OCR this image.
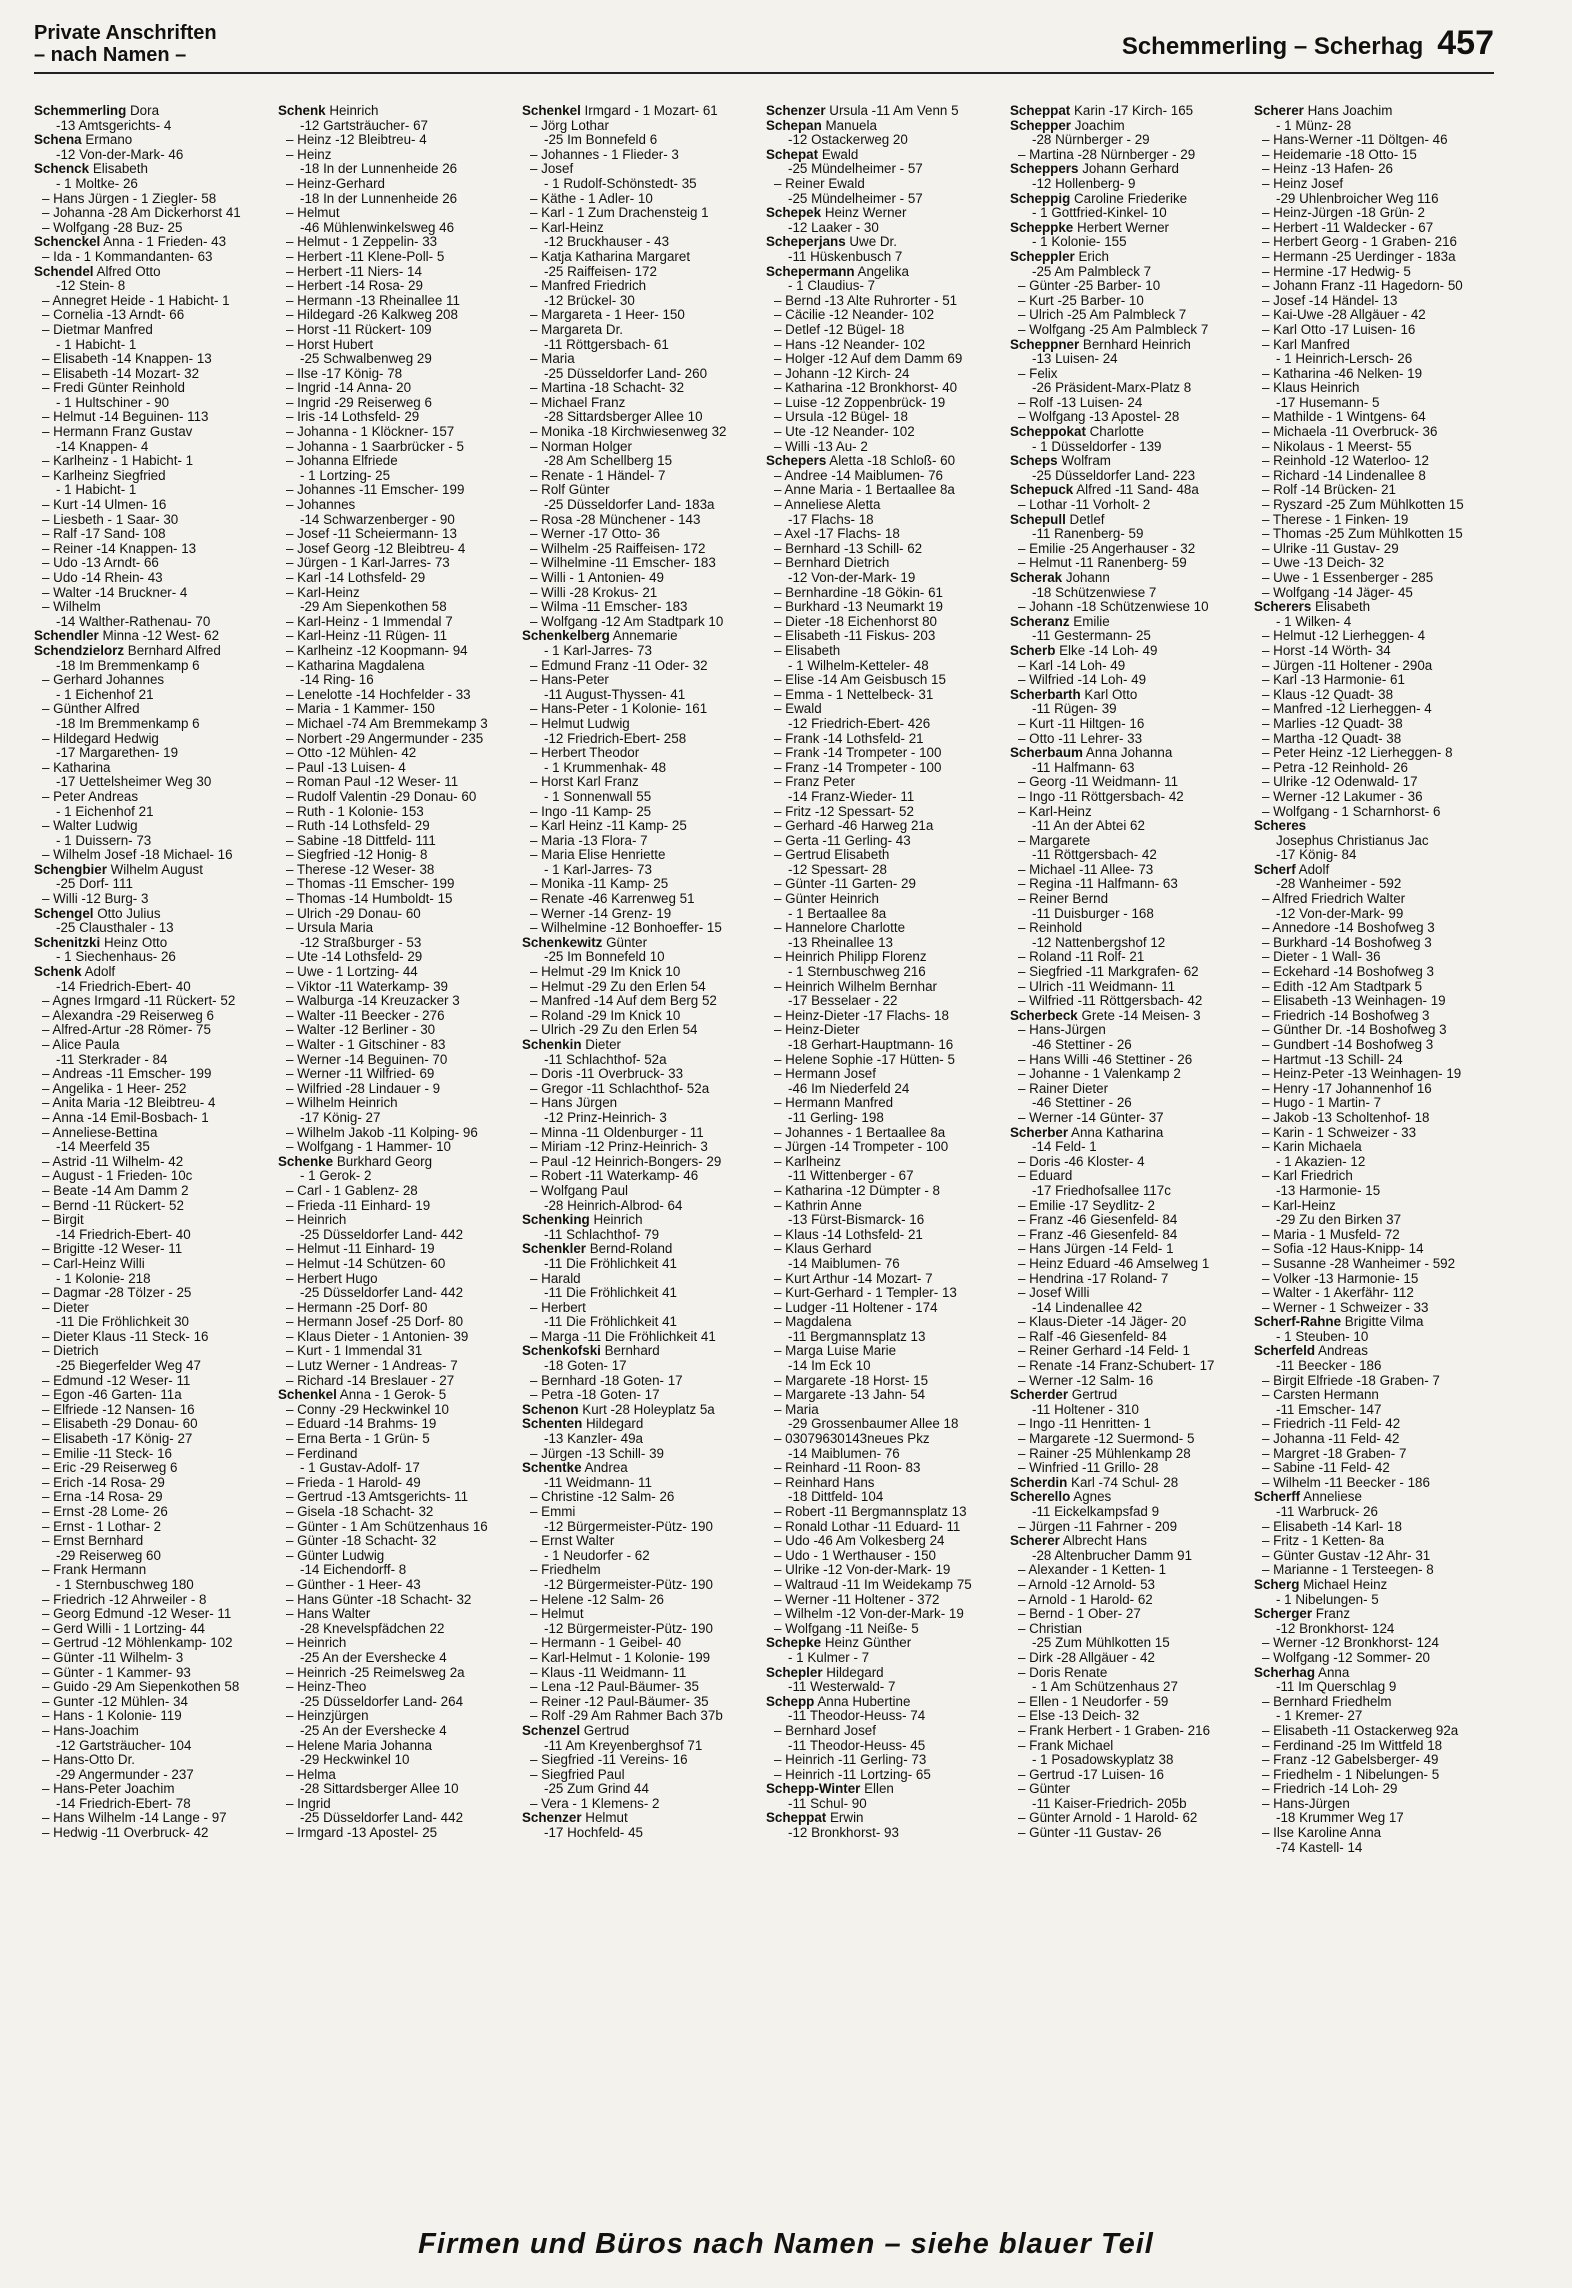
Private Anschriften
– nach Namen –	Schemmerling – Scherhag 457
Schemmerling Dora
-13 Amtsgerichts- 4
Schena Ermano
-12 Von-der-Mark- 46
Schenck Elisabeth
- 1 Moltke- 26
– Hans Jürgen - 1 Ziegler- 58
– Johanna -28 Am Dickerhorst 41
– Wolfgang -28 Buz- 25
Schenckel Anna - 1 Frieden- 43
– Ida - 1 Kommandanten- 63
Schendel Alfred Otto
-12 Stein- 8
– Annegret Heide - 1 Habicht- 1
– Cornelia -13 Arndt- 66
– Dietmar Manfred
- 1 Habicht- 1
– Elisabeth -14 Knappen- 13
– Elisabeth -14 Mozart- 32
– Fredi Günter Reinhold
- 1 Hultschiner - 90
– Helmut -14 Beguinen- 113
– Hermann Franz Gustav
-14 Knappen- 4
– Karlheinz - 1 Habicht- 1
– Karlheinz Siegfried
- 1 Habicht- 1
– Kurt -14 Ulmen- 16
– Liesbeth - 1 Saar- 30
– Ralf -17 Sand- 108
– Reiner -14 Knappen- 13
– Udo -13 Arndt- 66
– Udo -14 Rhein- 43
– Walter -14 Bruckner- 4
– Wilhelm
-14 Walther-Rathenau- 70
Schendler Minna -12 West- 62
Schendzielorz Bernhard Alfred
-18 Im Bremmenkamp 6
– Gerhard Johannes
- 1 Eichenhof 21
– Günther Alfred
-18 Im Bremmenkamp 6
– Hildegard Hedwig
-17 Margarethen- 19
– Katharina
-17 Uettelsheimer Weg 30
– Peter Andreas
- 1 Eichenhof 21
– Walter Ludwig
- 1 Duissern- 73
– Wilhelm Josef -18 Michael- 16
Schengbier Wilhelm August
-25 Dorf- 111
– Willi -12 Burg- 3
Schengel Otto Julius
-25 Clausthaler - 13
Schenitzki Heinz Otto
- 1 Siechenhaus- 26
Schenk Adolf
-14 Friedrich-Ebert- 40
– Agnes Irmgard -11 Rückert- 52
– Alexandra -29 Reiserweg 6
– Alfred-Artur -28 Römer- 75
– Alice Paula
-11 Sterkrader - 84
– Andreas -11 Emscher- 199
– Angelika - 1 Heer- 252
– Anita Maria -12 Bleibtreu- 4
– Anna -14 Emil-Bosbach- 1
– Anneliese-Bettina
-14 Meerfeld 35
– Astrid -11 Wilhelm- 42
– August - 1 Frieden- 10c
– Beate -14 Am Damm 2
– Bernd -11 Rückert- 52
– Birgit
-14 Friedrich-Ebert- 40
– Brigitte -12 Weser- 11
– Carl-Heinz Willi
- 1 Kolonie- 218
– Dagmar -28 Tölzer - 25
– Dieter
-11 Die Fröhlichkeit 30
– Dieter Klaus -11 Steck- 16
– Dietrich
-25 Biegerfelder Weg 47
– Edmund -12 Weser- 11
– Egon -46 Garten- 11a
– Elfriede -12 Nansen- 16
– Elisabeth -29 Donau- 60
– Elisabeth -17 König- 27
– Emilie -11 Steck- 16
– Eric -29 Reiserweg 6
– Erich -14 Rosa- 29
– Erna -14 Rosa- 29
– Ernst -28 Lome- 26
– Ernst - 1 Lothar- 2
– Ernst Bernhard
-29 Reiserweg 60
– Frank Hermann
- 1 Sternbuschweg 180
– Friedrich -12 Ahrweiler - 8
– Georg Edmund -12 Weser- 11
– Gerd Willi - 1 Lortzing- 44
– Gertrud -12 Möhlenkamp- 102
– Günter -11 Wilhelm- 3
– Günter - 1 Kammer- 93
– Guido -29 Am Siepenkothen 58
– Gunter -12 Mühlen- 34
– Hans - 1 Kolonie- 119
– Hans-Joachim
-12 Gartsträucher- 104
– Hans-Otto Dr.
-29 Angermunder - 237
– Hans-Peter Joachim
-14 Friedrich-Ebert- 78
– Hans Wilhelm -14 Lange - 97
– Hedwig -11 Overbruck- 42
Schenk Heinrich
-12 Gartsträucher- 67
– Heinz -12 Bleibtreu- 4
– Heinz
-18 In der Lunnenheide 26
– Heinz-Gerhard
-18 In der Lunnenheide 26
– Helmut
-46 Mühlenwinkelsweg 46
– Helmut - 1 Zeppelin- 33
– Herbert -11 Klene-Poll- 5
– Herbert -11 Niers- 14
– Herbert -14 Rosa- 29
– Hermann -13 Rheinallee 11
– Hildegard -26 Kalkweg 208
– Horst -11 Rückert- 109
– Horst Hubert
-25 Schwalbenweg 29
– Ilse -17 König- 78
– Ingrid -14 Anna- 20
– Ingrid -29 Reiserweg 6
– Iris -14 Lothsfeld- 29
– Johanna - 1 Klöckner- 157
– Johanna - 1 Saarbrücker - 5
– Johanna Elfriede
- 1 Lortzing- 25
– Johannes -11 Emscher- 199
– Johannes
-14 Schwarzenberger - 90
– Josef -11 Scheiermann- 13
– Josef Georg -12 Bleibtreu- 4
– Jürgen - 1 Karl-Jarres- 73
– Karl -14 Lothsfeld- 29
– Karl-Heinz
-29 Am Siepenkothen 58
– Karl-Heinz - 1 Immendal 7
– Karl-Heinz -11 Rügen- 11
– Karlheinz -12 Koopmann- 94
– Katharina Magdalena
-14 Ring- 16
– Lenelotte -14 Hochfelder - 33
– Maria - 1 Kammer- 150
– Michael -74 Am Bremmekamp 3
– Norbert -29 Angermunder - 235
– Otto -12 Mühlen- 42
– Paul -13 Luisen- 4
– Roman Paul -12 Weser- 11
– Rudolf Valentin -29 Donau- 60
– Ruth - 1 Kolonie- 153
– Ruth -14 Lothsfeld- 29
– Sabine -18 Dittfeld- 111
– Siegfried -12 Honig- 8
– Therese -12 Weser- 38
– Thomas -11 Emscher- 199
– Thomas -14 Humboldt- 15
– Ulrich -29 Donau- 60
– Ursula Maria
-12 Straßburger - 53
– Ute -14 Lothsfeld- 29
– Uwe - 1 Lortzing- 44
– Viktor -11 Waterkamp- 39
– Walburga -14 Kreuzacker 3
– Walter -11 Beecker - 276
– Walter -12 Berliner - 30
– Walter - 1 Gitschiner - 83
– Werner -14 Beguinen- 70
– Werner -11 Wilfried- 69
– Wilfried -28 Lindauer - 9
– Wilhelm Heinrich
-17 König- 27
– Wilhelm Jakob -11 Kolping- 96
– Wolfgang - 1 Hammer- 10
Schenke Burkhard Georg
- 1 Gerok- 2
– Carl - 1 Gablenz- 28
– Frieda -11 Einhard- 19
– Heinrich
-25 Düsseldorfer Land- 442
– Helmut -11 Einhard- 19
– Helmut -14 Schützen- 60
– Herbert Hugo
-25 Düsseldorfer Land- 442
– Hermann -25 Dorf- 80
– Hermann Josef -25 Dorf- 80
– Klaus Dieter - 1 Antonien- 39
– Kurt - 1 Immendal 31
– Lutz Werner - 1 Andreas- 7
– Richard -14 Breslauer - 27
Schenkel Anna - 1 Gerok- 5
– Conny -29 Heckwinkel 10
– Eduard -14 Brahms- 19
– Erna Berta - 1 Grün- 5
– Ferdinand
- 1 Gustav-Adolf- 17
– Frieda - 1 Harold- 49
– Gertrud -13 Amtsgerichts- 11
– Gisela -18 Schacht- 32
– Günter - 1 Am Schützenhaus 16
– Günter -18 Schacht- 32
– Günter Ludwig
-14 Eichendorff- 8
– Günther - 1 Heer- 43
– Hans Günter -18 Schacht- 32
– Hans Walter
-28 Knevelspfädchen 22
– Heinrich
-25 An der Evershecke 4
– Heinrich -25 Reimelsweg 2a
– Heinz-Theo
-25 Düsseldorfer Land- 264
– Heinzjürgen
-25 An der Evershecke 4
– Helene Maria Johanna
-29 Heckwinkel 10
– Helma
-28 Sittardsberger Allee 10
– Ingrid
-25 Düsseldorfer Land- 442
– Irmgard -13 Apostel- 25
Schenkel Irmgard - 1 Mozart- 61
– Jörg Lothar
-25 Im Bonnefeld 6
– Johannes - 1 Flieder- 3
– Josef
- 1 Rudolf-Schönstedt- 35
– Käthe - 1 Adler- 10
– Karl - 1 Zum Drachensteig 1
– Karl-Heinz
-12 Bruckhauser - 43
– Katja Katharina Margaret
-25 Raiffeisen- 172
– Manfred Friedrich
-12 Brückel- 30
– Margareta - 1 Heer- 150
– Margareta Dr.
-11 Röttgersbach- 61
– Maria
-25 Düsseldorfer Land- 260
– Martina -18 Schacht- 32
– Michael Franz
-28 Sittardsberger Allee 10
– Monika -18 Kirchwiesenweg 32
– Norman Holger
-28 Am Schellberg 15
– Renate - 1 Händel- 7
– Rolf Günter
-25 Düsseldorfer Land- 183a
– Rosa -28 Münchener - 143
– Werner -17 Otto- 36
– Wilhelm -25 Raiffeisen- 172
– Wilhelmine -11 Emscher- 183
– Willi - 1 Antonien- 49
– Willi -28 Krokus- 21
– Wilma -11 Emscher- 183
– Wolfgang -12 Am Stadtpark 10
Schenkelberg Annemarie
- 1 Karl-Jarres- 73
– Edmund Franz -11 Oder- 32
– Hans-Peter
-11 August-Thyssen- 41
– Hans-Peter - 1 Kolonie- 161
– Helmut Ludwig
-12 Friedrich-Ebert- 258
– Herbert Theodor
- 1 Krummenhak- 48
– Horst Karl Franz
- 1 Sonnenwall 55
– Ingo -11 Kamp- 25
– Karl Heinz -11 Kamp- 25
– Maria -13 Flora- 7
– Maria Elise Henriette
- 1 Karl-Jarres- 73
– Monika -11 Kamp- 25
– Renate -46 Karrenweg 51
– Werner -14 Grenz- 19
– Wilhelmine -12 Bonhoeffer- 15
Schenkewitz Günter
-25 Im Bonnefeld 10
– Helmut -29 Im Knick 10
– Helmut -29 Zu den Erlen 54
– Manfred -14 Auf dem Berg 52
– Roland -29 Im Knick 10
– Ulrich -29 Zu den Erlen 54
Schenkin Dieter
-11 Schlachthof- 52a
– Doris -11 Overbruck- 33
– Gregor -11 Schlachthof- 52a
– Hans Jürgen
-12 Prinz-Heinrich- 3
– Minna -11 Oldenburger - 11
– Miriam -12 Prinz-Heinrich- 3
– Paul -12 Heinrich-Bongers- 29
– Robert -11 Waterkamp- 46
– Wolfgang Paul
-28 Heinrich-Albrod- 64
Schenking Heinrich
-11 Schlachthof- 79
Schenkler Bernd-Roland
-11 Die Fröhlichkeit 41
– Harald
-11 Die Fröhlichkeit 41
– Herbert
-11 Die Fröhlichkeit 41
– Marga -11 Die Fröhlichkeit 41
Schenkofski Bernhard
-18 Goten- 17
– Bernhard -18 Goten- 17
– Petra -18 Goten- 17
Schenon Kurt -28 Holeyplatz 5a
Schenten Hildegard
-13 Kanzler- 49a
– Jürgen -13 Schill- 39
Schentke Andrea
-11 Weidmann- 11
– Christine -12 Salm- 26
– Emmi
-12 Bürgermeister-Pütz- 190
– Ernst Walter
- 1 Neudorfer - 62
– Friedhelm
-12 Bürgermeister-Pütz- 190
– Helene -12 Salm- 26
– Helmut
-12 Bürgermeister-Pütz- 190
– Hermann - 1 Geibel- 40
– Karl-Helmut - 1 Kolonie- 199
– Klaus -11 Weidmann- 11
– Lena -12 Paul-Bäumer- 35
– Reiner -12 Paul-Bäumer- 35
– Rolf -29 Am Rahmer Bach 37b
Schenzel Gertrud
-11 Am Kreyenberghsof 71
– Siegfried -11 Vereins- 16
– Siegfried Paul
-25 Zum Grind 44
– Vera - 1 Klemens- 2
Schenzer Helmut
-17 Hochfeld- 45
Schenzer Ursula -11 Am Venn 5
Schepan Manuela
-12 Ostackerweg 20
Schepat Ewald
-25 Mündelheimer - 57
– Reiner Ewald
-25 Mündelheimer - 57
Schepek Heinz Werner
-12 Laaker - 30
Scheperjans Uwe Dr.
-11 Hüskenbusch 7
Schepermann Angelika
- 1 Claudius- 7
– Bernd -13 Alte Ruhrorter - 51
– Cäcilie -12 Neander- 102
– Detlef -12 Bügel- 18
– Hans -12 Neander- 102
– Holger -12 Auf dem Damm 69
– Johann -12 Kirch- 24
– Katharina -12 Bronkhorst- 40
– Luise -12 Zoppenbrück- 19
– Ursula -12 Bügel- 18
– Ute -12 Neander- 102
– Willi -13 Au- 2
Schepers Aletta -18 Schloß- 60
– Andree -14 Maiblumen- 76
– Anne Maria - 1 Bertaallee 8a
– Anneliese Aletta
-17 Flachs- 18
– Axel -17 Flachs- 18
– Bernhard -13 Schill- 62
– Bernhard Dietrich
-12 Von-der-Mark- 19
– Bernhardine -18 Gökin- 61
– Burkhard -13 Neumarkt 19
– Dieter -18 Eichenhorst 80
– Elisabeth -11 Fiskus- 203
– Elisabeth
- 1 Wilhelm-Ketteler- 48
– Elise -14 Am Geisbusch 15
– Emma - 1 Nettelbeck- 31
– Ewald
-12 Friedrich-Ebert- 426
– Frank -14 Lothsfeld- 21
– Frank -14 Trompeter - 100
– Franz -14 Trompeter - 100
– Franz Peter
-14 Franz-Wieder- 11
– Fritz -12 Spessart- 52
– Gerhard -46 Harweg 21a
– Gerta -11 Gerling- 43
– Gertrud Elisabeth
-12 Spessart- 28
– Günter -11 Garten- 29
– Günter Heinrich
- 1 Bertaallee 8a
– Hannelore Charlotte
-13 Rheinallee 13
– Heinrich Philipp Florenz
- 1 Sternbuschweg 216
– Heinrich Wilhelm Bernhar
-17 Besselaer - 22
– Heinz-Dieter -17 Flachs- 18
– Heinz-Dieter
-18 Gerhart-Hauptmann- 16
– Helene Sophie -17 Hütten- 5
– Hermann Josef
-46 Im Niederfeld 24
– Hermann Manfred
-11 Gerling- 198
– Johannes - 1 Bertaallee 8a
– Jürgen -14 Trompeter - 100
– Karlheinz
-11 Wittenberger - 67
– Katharina -12 Dümpter - 8
– Kathrin Anne
-13 Fürst-Bismarck- 16
– Klaus -14 Lothsfeld- 21
– Klaus Gerhard
-14 Maiblumen- 76
– Kurt Arthur -14 Mozart- 7
– Kurt-Gerhard - 1 Templer- 13
– Ludger -11 Holtener - 174
– Magdalena
-11 Bergmannsplatz 13
– Marga Luise Marie
-14 Im Eck 10
– Margarete -18 Horst- 15
– Margarete -13 Jahn- 54
– Maria
-29 Grossenbaumer Allee 18
– 03079630143neues Pkz
-14 Maiblumen- 76
– Reinhard -11 Roon- 83
– Reinhard Hans
-18 Dittfeld- 104
– Robert -11 Bergmannsplatz 13
– Ronald Lothar -11 Eduard- 11
– Udo -46 Am Volkesberg 24
– Udo - 1 Werthauser - 150
– Ulrike -12 Von-der-Mark- 19
– Waltraud -11 Im Weidekamp 75
– Werner -11 Holtener - 372
– Wilhelm -12 Von-der-Mark- 19
– Wolfgang -11 Neiße- 5
Schepke Heinz Günther
- 1 Kulmer - 7
Schepler Hildegard
-11 Westerwald- 7
Schepp Anna Hubertine
-11 Theodor-Heuss- 74
– Bernhard Josef
-11 Theodor-Heuss- 45
– Heinrich -11 Gerling- 73
– Heinrich -11 Lortzing- 65
Schepp-Winter Ellen
-11 Schul- 90
Scheppat Erwin
-12 Bronkhorst- 93
Scheppat Karin -17 Kirch- 165
Schepper Joachim
-28 Nürnberger - 29
– Martina -28 Nürnberger - 29
Scheppers Johann Gerhard
-12 Hollenberg- 9
Scheppig Caroline Friederike
- 1 Gottfried-Kinkel- 10
Scheppke Herbert Werner
- 1 Kolonie- 155
Scheppler Erich
-25 Am Palmbleck 7
– Günter -25 Barber- 10
– Kurt -25 Barber- 10
– Ulrich -25 Am Palmbleck 7
– Wolfgang -25 Am Palmbleck 7
Scheppner Bernhard Heinrich
-13 Luisen- 24
– Felix
-26 Präsident-Marx-Platz 8
– Rolf -13 Luisen- 24
– Wolfgang -13 Apostel- 28
Scheppokat Charlotte
- 1 Düsseldorfer - 139
Scheps Wolfram
-25 Düsseldorfer Land- 223
Schepuck Alfred -11 Sand- 48a
– Lothar -11 Vorholt- 2
Schepull Detlef
-11 Ranenberg- 59
– Emilie -25 Angerhauser - 32
– Helmut -11 Ranenberg- 59
Scherak Johann
-18 Schützenwiese 7
– Johann -18 Schützenwiese 10
Scheranz Emilie
-11 Gestermann- 25
Scherb Elke -14 Loh- 49
– Karl -14 Loh- 49
– Wilfried -14 Loh- 49
Scherbarth Karl Otto
-11 Rügen- 39
– Kurt -11 Hiltgen- 16
– Otto -11 Lehrer- 33
Scherbaum Anna Johanna
-11 Halfmann- 63
– Georg -11 Weidmann- 11
– Ingo -11 Röttgersbach- 42
– Karl-Heinz
-11 An der Abtei 62
– Margarete
-11 Röttgersbach- 42
– Michael -11 Allee- 73
– Regina -11 Halfmann- 63
– Reiner Bernd
-11 Duisburger - 168
– Reinhold
-12 Nattenbergshof 12
– Roland -11 Rolf- 21
– Siegfried -11 Markgrafen- 62
– Ulrich -11 Weidmann- 11
– Wilfried -11 Röttgersbach- 42
Scherbeck Grete -14 Meisen- 3
– Hans-Jürgen
-46 Stettiner - 26
– Hans Willi -46 Stettiner - 26
– Johanne - 1 Valenkamp 2
– Rainer Dieter
-46 Stettiner - 26
– Werner -14 Günter- 37
Scherber Anna Katharina
-14 Feld- 1
– Doris -46 Kloster- 4
– Eduard
-17 Friedhofsallee 117c
– Emilie -17 Seydlitz- 2
– Franz -46 Giesenfeld- 84
– Franz -46 Giesenfeld- 84
– Hans Jürgen -14 Feld- 1
– Heinz Eduard -46 Amselweg 1
– Hendrina -17 Roland- 7
– Josef Willi
-14 Lindenallee 42
– Klaus-Dieter -14 Jäger- 20
– Ralf -46 Giesenfeld- 84
– Reiner Gerhard -14 Feld- 1
– Renate -14 Franz-Schubert- 17
– Werner -12 Salm- 16
Scherder Gertrud
-11 Holtener - 310
– Ingo -11 Henritten- 1
– Margarete -12 Suermond- 5
– Rainer -25 Mühlenkamp 28
– Winfried -11 Grillo- 28
Scherdin Karl -74 Schul- 28
Scherello Agnes
-11 Eickelkampsfad 9
– Jürgen -11 Fahrner - 209
Scherer Albrecht Hans
-28 Altenbrucher Damm 91
– Alexander - 1 Ketten- 1
– Arnold -12 Arnold- 53
– Arnold - 1 Harold- 62
– Bernd - 1 Ober- 27
– Christian
-25 Zum Mühlkotten 15
– Dirk -28 Allgäuer - 42
– Doris Renate
- 1 Am Schützenhaus 27
– Ellen - 1 Neudorfer - 59
– Else -13 Deich- 32
– Frank Herbert - 1 Graben- 216
– Frank Michael
- 1 Posadowskyplatz 38
– Gertrud -17 Luisen- 16
– Günter
-11 Kaiser-Friedrich- 205b
– Günter Arnold - 1 Harold- 62
– Günter -11 Gustav- 26
Scherer Hans Joachim
- 1 Münz- 28
– Hans-Werner -11 Döltgen- 46
– Heidemarie -18 Otto- 15
– Heinz -13 Hafen- 26
– Heinz Josef
-29 Uhlenbroicher Weg 116
– Heinz-Jürgen -18 Grün- 2
– Herbert -11 Waldecker - 67
– Herbert Georg - 1 Graben- 216
– Hermann -25 Uerdinger - 183a
– Hermine -17 Hedwig- 5
– Johann Franz -11 Hagedorn- 50
– Josef -14 Händel- 13
– Kai-Uwe -28 Allgäuer - 42
– Karl Otto -17 Luisen- 16
– Karl Manfred
- 1 Heinrich-Lersch- 26
– Katharina -46 Nelken- 19
– Klaus Heinrich
-17 Husemann- 5
– Mathilde - 1 Wintgens- 64
– Michaela -11 Overbruck- 36
– Nikolaus - 1 Meerst- 55
– Reinhold -12 Waterloo- 12
– Richard -14 Lindenallee 8
– Rolf -14 Brücken- 21
– Ryszard -25 Zum Mühlkotten 15
– Therese - 1 Finken- 19
– Thomas -25 Zum Mühlkotten 15
– Ulrike -11 Gustav- 29
– Uwe -13 Deich- 32
– Uwe - 1 Essenberger - 285
– Wolfgang -14 Jäger- 45
Scherers Elisabeth
- 1 Wilken- 4
– Helmut -12 Lierheggen- 4
– Horst -14 Wörth- 34
– Jürgen -11 Holtener - 290a
– Karl -13 Harmonie- 61
– Klaus -12 Quadt- 38
– Manfred -12 Lierheggen- 4
– Marlies -12 Quadt- 38
– Martha -12 Quadt- 38
– Peter Heinz -12 Lierheggen- 8
– Petra -12 Reinhold- 26
– Ulrike -12 Odenwald- 17
– Werner -12 Lakumer - 36
– Wolfgang - 1 Scharnhorst- 6
Scheres
Josephus Christianus Jac
-17 König- 84
Scherf Adolf
-28 Wanheimer - 592
– Alfred Friedrich Walter
-12 Von-der-Mark- 99
– Annedore -14 Boshofweg 3
– Burkhard -14 Boshofweg 3
– Dieter - 1 Wall- 36
– Eckehard -14 Boshofweg 3
– Edith -12 Am Stadtpark 5
– Elisabeth -13 Weinhagen- 19
– Friedrich -14 Boshofweg 3
– Günther Dr. -14 Boshofweg 3
– Gundbert -14 Boshofweg 3
– Hartmut -13 Schill- 24
– Heinz-Peter -13 Weinhagen- 19
– Henry -17 Johannenhof 16
– Hugo - 1 Martin- 7
– Jakob -13 Scholtenhof- 18
– Karin - 1 Schweizer - 33
– Karin Michaela
- 1 Akazien- 12
– Karl Friedrich
-13 Harmonie- 15
– Karl-Heinz
-29 Zu den Birken 37
– Maria - 1 Musfeld- 72
– Sofia -12 Haus-Knipp- 14
– Susanne -28 Wanheimer - 592
– Volker -13 Harmonie- 15
– Walter - 1 Akerfähr- 112
– Werner - 1 Schweizer - 33
Scherf-Rahne Brigitte Vilma
- 1 Steuben- 10
Scherfeld Andreas
-11 Beecker - 186
– Birgit Elfriede -18 Graben- 7
– Carsten Hermann
-11 Emscher- 147
– Friedrich -11 Feld- 42
– Johanna -11 Feld- 42
– Margret -18 Graben- 7
– Sabine -11 Feld- 42
– Wilhelm -11 Beecker - 186
Scherff Anneliese
-11 Warbruck- 26
– Elisabeth -14 Karl- 18
– Fritz - 1 Ketten- 8a
– Günter Gustav -12 Ahr- 31
– Marianne - 1 Tersteegen- 8
Scherg Michael Heinz
- 1 Nibelungen- 5
Scherger Franz
-12 Bronkhorst- 124
– Werner -12 Bronkhorst- 124
– Wolfgang -12 Sommer- 20
Scherhag Anna
-11 Im Querschlag 9
– Bernhard Friedhelm
- 1 Kremer- 27
– Elisabeth -11 Ostackerweg 92a
– Ferdinand -25 Im Wittfeld 18
– Franz -12 Gabelsberger- 49
– Friedhelm - 1 Nibelungen- 5
– Friedrich -14 Loh- 29
– Hans-Jürgen
-18 Krummer Weg 17
– Ilse Karoline Anna
-74 Kastell- 14
Firmen und Büros nach Namen – siehe blauer Teil
